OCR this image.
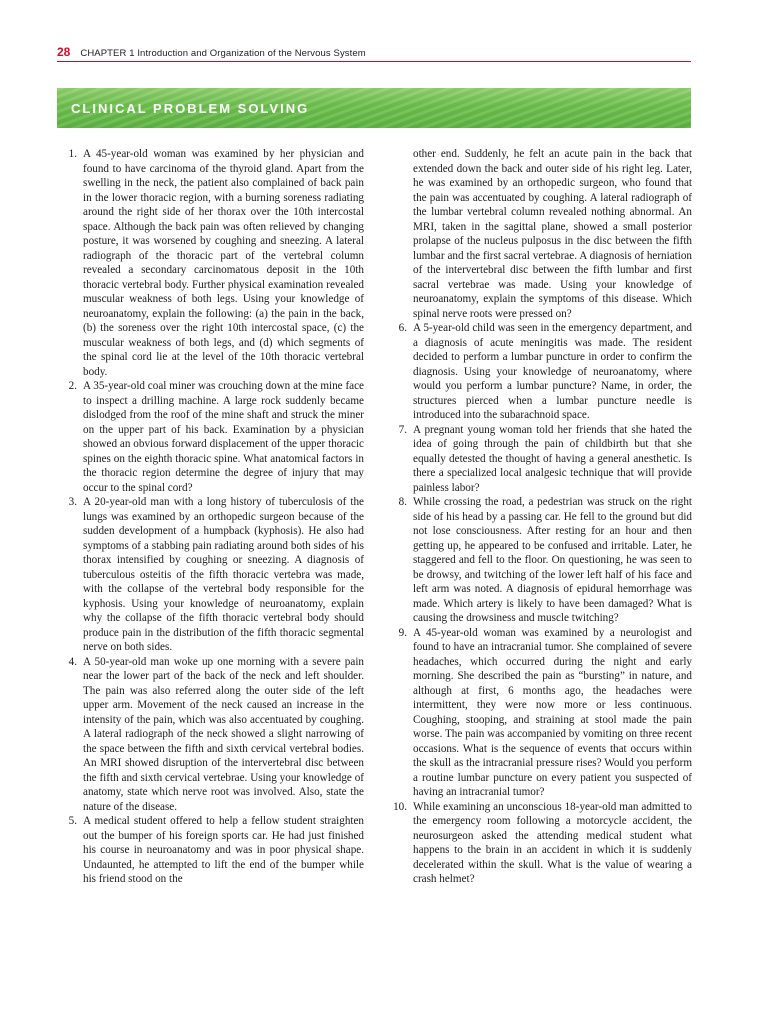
28 CHAPTER 1 Introduction and Organization of the Nervous System
CLINICAL PROBLEM SOLVING
1. A 45-year-old woman was examined by her physician and found to have carcinoma of the thyroid gland. Apart from the swelling in the neck, the patient also complained of back pain in the lower thoracic region, with a burning soreness radiating around the right side of her thorax over the 10th intercostal space. Although the back pain was often relieved by changing posture, it was worsened by coughing and sneezing. A lateral radiograph of the thoracic part of the vertebral column revealed a secondary carcinomatous deposit in the 10th thoracic vertebral body. Further physical examination revealed muscular weakness of both legs. Using your knowledge of neuroanatomy, explain the following: (a) the pain in the back, (b) the soreness over the right 10th intercostal space, (c) the muscular weakness of both legs, and (d) which segments of the spinal cord lie at the level of the 10th thoracic vertebral body.
2. A 35-year-old coal miner was crouching down at the mine face to inspect a drilling machine. A large rock suddenly became dislodged from the roof of the mine shaft and struck the miner on the upper part of his back. Examination by a physician showed an obvious forward displacement of the upper thoracic spines on the eighth thoracic spine. What anatomical factors in the thoracic region determine the degree of injury that may occur to the spinal cord?
3. A 20-year-old man with a long history of tuberculosis of the lungs was examined by an orthopedic surgeon because of the sudden development of a humpback (kyphosis). He also had symptoms of a stabbing pain radiating around both sides of his thorax intensified by coughing or sneezing. A diagnosis of tuberculous osteitis of the fifth thoracic vertebra was made, with the collapse of the vertebral body responsible for the kyphosis. Using your knowledge of neuroanatomy, explain why the collapse of the fifth thoracic vertebral body should produce pain in the distribution of the fifth thoracic segmental nerve on both sides.
4. A 50-year-old man woke up one morning with a severe pain near the lower part of the back of the neck and left shoulder. The pain was also referred along the outer side of the left upper arm. Movement of the neck caused an increase in the intensity of the pain, which was also accentuated by coughing. A lateral radiograph of the neck showed a slight narrowing of the space between the fifth and sixth cervical vertebral bodies. An MRI showed disruption of the intervertebral disc between the fifth and sixth cervical vertebrae. Using your knowledge of anatomy, state which nerve root was involved. Also, state the nature of the disease.
5. A medical student offered to help a fellow student straighten out the bumper of his foreign sports car. He had just finished his course in neuroanatomy and was in poor physical shape. Undaunted, he attempted to lift the end of the bumper while his friend stood on the
other end. Suddenly, he felt an acute pain in the back that extended down the back and outer side of his right leg. Later, he was examined by an orthopedic surgeon, who found that the pain was accentuated by coughing. A lateral radiograph of the lumbar vertebral column revealed nothing abnormal. An MRI, taken in the sagittal plane, showed a small posterior prolapse of the nucleus pulposus in the disc between the fifth lumbar and the first sacral vertebrae. A diagnosis of herniation of the intervertebral disc between the fifth lumbar and first sacral vertebrae was made. Using your knowledge of neuroanatomy, explain the symptoms of this disease. Which spinal nerve roots were pressed on?
6. A 5-year-old child was seen in the emergency department, and a diagnosis of acute meningitis was made. The resident decided to perform a lumbar puncture in order to confirm the diagnosis. Using your knowledge of neuroanatomy, where would you perform a lumbar puncture? Name, in order, the structures pierced when a lumbar puncture needle is introduced into the subarachnoid space.
7. A pregnant young woman told her friends that she hated the idea of going through the pain of childbirth but that she equally detested the thought of having a general anesthetic. Is there a specialized local analgesic technique that will provide painless labor?
8. While crossing the road, a pedestrian was struck on the right side of his head by a passing car. He fell to the ground but did not lose consciousness. After resting for an hour and then getting up, he appeared to be confused and irritable. Later, he staggered and fell to the floor. On questioning, he was seen to be drowsy, and twitching of the lower left half of his face and left arm was noted. A diagnosis of epidural hemorrhage was made. Which artery is likely to have been damaged? What is causing the drowsiness and muscle twitching?
9. A 45-year-old woman was examined by a neurologist and found to have an intracranial tumor. She complained of severe headaches, which occurred during the night and early morning. She described the pain as “bursting” in nature, and although at first, 6 months ago, the headaches were intermittent, they were now more or less continuous. Coughing, stooping, and straining at stool made the pain worse. The pain was accompanied by vomiting on three recent occasions. What is the sequence of events that occurs within the skull as the intracranial pressure rises? Would you perform a routine lumbar puncture on every patient you suspected of having an intracranial tumor?
10. While examining an unconscious 18-year-old man admitted to the emergency room following a motorcycle accident, the neurosurgeon asked the attending medical student what happens to the brain in an accident in which it is suddenly decelerated within the skull. What is the value of wearing a crash helmet?
